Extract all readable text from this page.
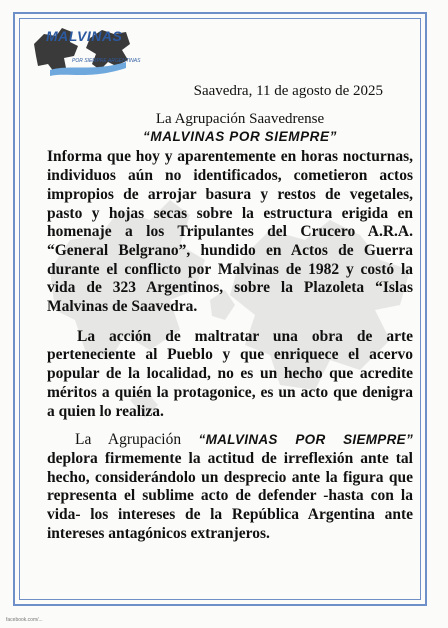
MALVINAS
POR SIEMPRE ARGENTINAS

Saavedra, 11 de agosto de 2025

La Agrupación Saavedrense

“MALVINAS POR SIEMPRE”

Informa que hoy y aparentemente en horas nocturnas, individuos aún no identificados, cometieron actos impropios de arrojar basura y restos de vegetales, pasto y hojas secas sobre la estructura erigida en homenaje a los Tripulantes del Crucero A.R.A. “General Belgrano”, hundido en Actos de Guerra durante el conflicto por Malvinas de 1982 y costó la vida de 323 Argentinos, sobre la Plazoleta “Islas Malvinas de Saavedra.

La acción de maltratar una obra de arte perteneciente al Pueblo y que enriquece el acervo popular de la localidad, no es un hecho que acredite méritos a quién la protagonice, es un acto que denigra a quien lo realiza.

La Agrupación “MALVINAS POR SIEMPRE” deplora firmemente la actitud de irreflexión ante tal hecho, considerándolo un desprecio ante la figura que representa el sublime acto de defender -hasta con la vida- los intereses de la República Argentina ante intereses antagónicos extranjeros.

facebook.com/...
